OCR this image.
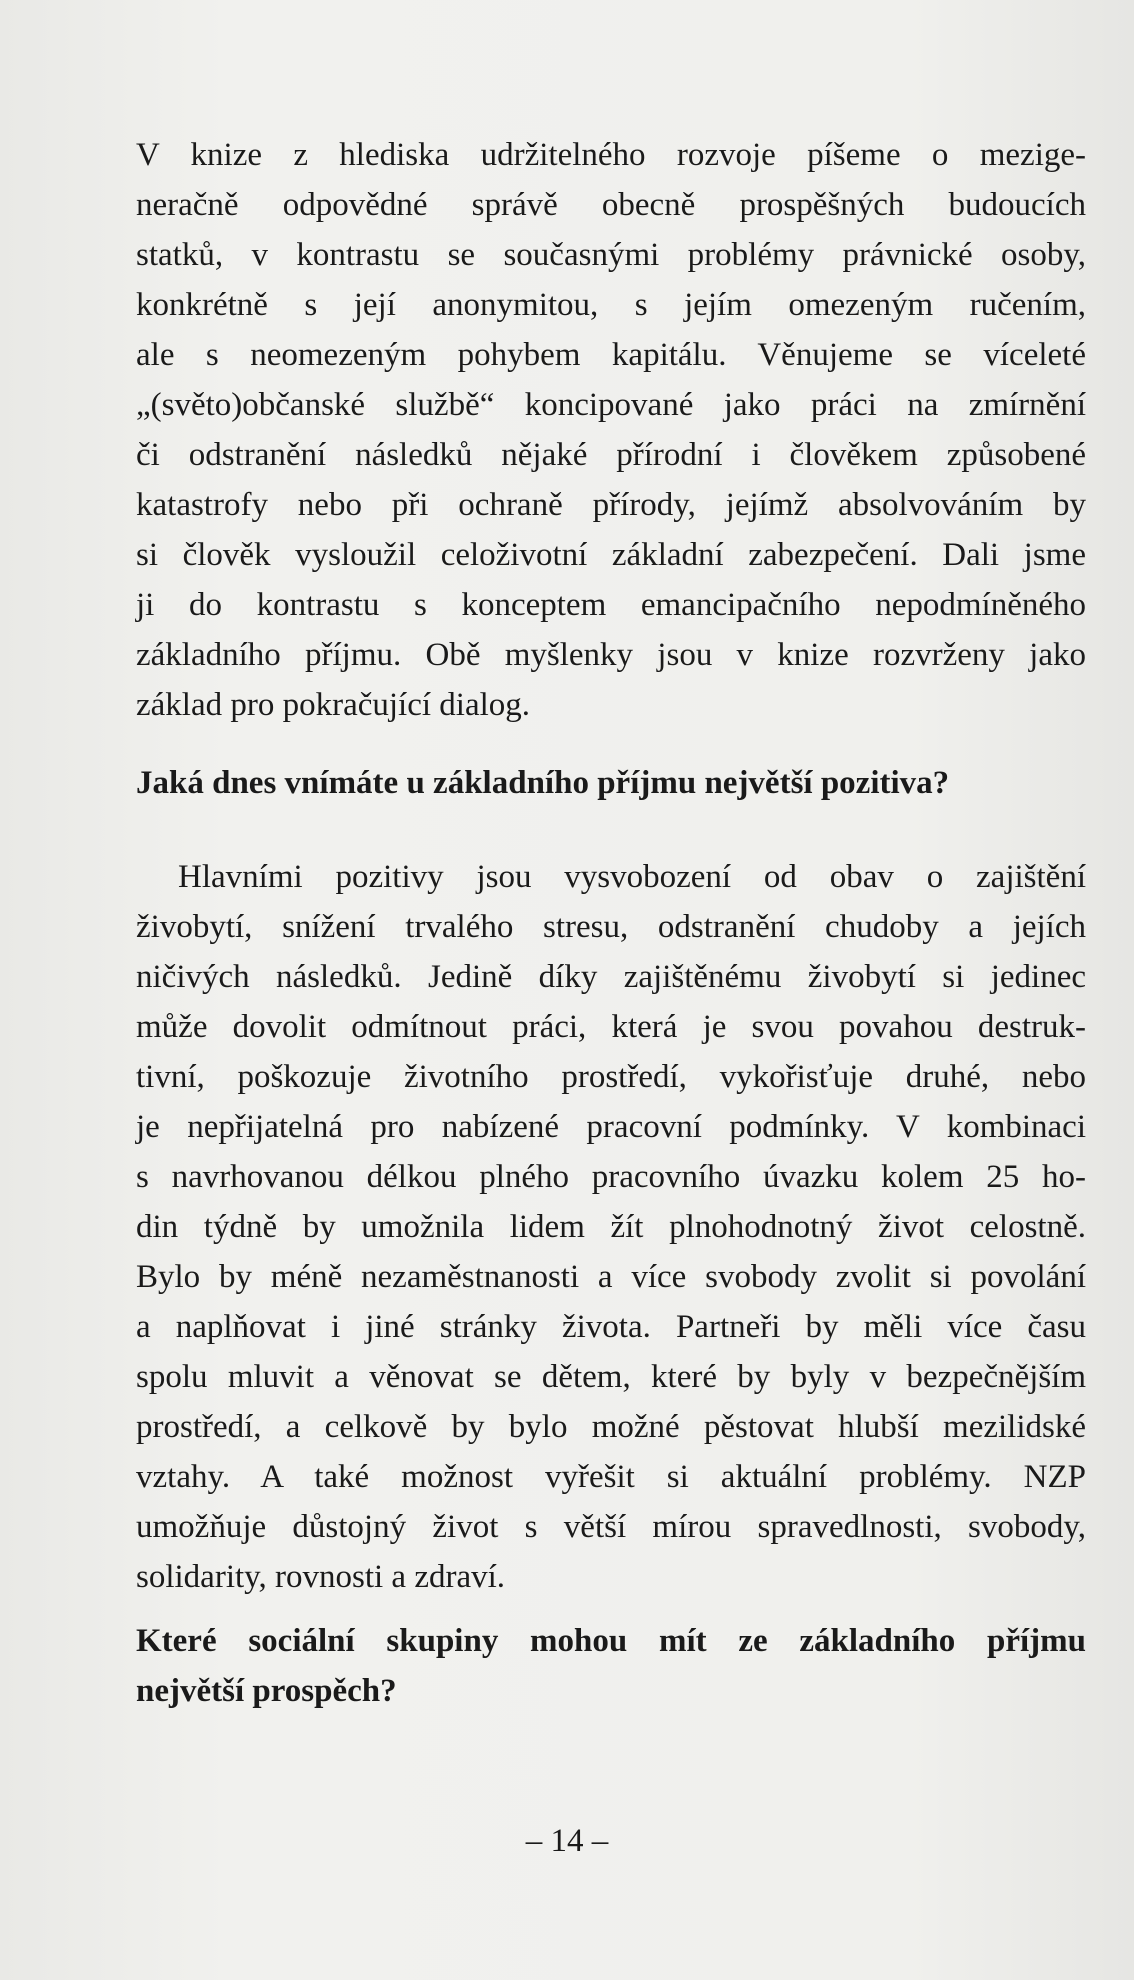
V knize z hlediska udržitelného rozvoje píšeme o mezige-
neračně odpovědné správě obecně prospěšných budoucích
statků, v kontrastu se současnými problémy právnické osoby,
konkrétně s její anonymitou, s jejím omezeným ručením,
ale s neomezeným pohybem kapitálu. Věnujeme se víceleté
„(světo)občanské službě“ koncipované jako práci na zmírnění
či odstranění následků nějaké přírodní i člověkem způsobené
katastrofy nebo při ochraně přírody, jejímž absolvováním by
si člověk vysloužil celoživotní základní zabezpečení. Dali jsme
ji do kontrastu s konceptem emancipačního nepodmíněného
základního příjmu. Obě myšlenky jsou v knize rozvrženy jako
základ pro pokračující dialog.
Jaká dnes vnímáte u základního příjmu největší pozitiva?
Hlavními pozitivy jsou vysvobození od obav o zajištění
živobytí, snížení trvalého stresu, odstranění chudoby a jejích
ničivých následků. Jedině díky zajištěnému živobytí si jedinec
může dovolit odmítnout práci, která je svou povahou destruk-
tivní, poškozuje životního prostředí, vykořisťuje druhé, nebo
je nepřijatelná pro nabízené pracovní podmínky. V kombinaci
s navrhovanou délkou plného pracovního úvazku kolem 25 ho-
din týdně by umožnila lidem žít plnohodnotný život celostně.
Bylo by méně nezaměstnanosti a více svobody zvolit si povolání
a naplňovat i jiné stránky života. Partneři by měli více času
spolu mluvit a věnovat se dětem, které by byly v bezpečnějším
prostředí, a celkově by bylo možné pěstovat hlubší mezilidské
vztahy. A také možnost vyřešit si aktuální problémy. NZP
umožňuje důstojný život s větší mírou spravedlnosti, svobody,
solidarity, rovnosti a zdraví.
Které sociální skupiny mohou mít ze základního příjmu
největší prospěch?
– 14 –
